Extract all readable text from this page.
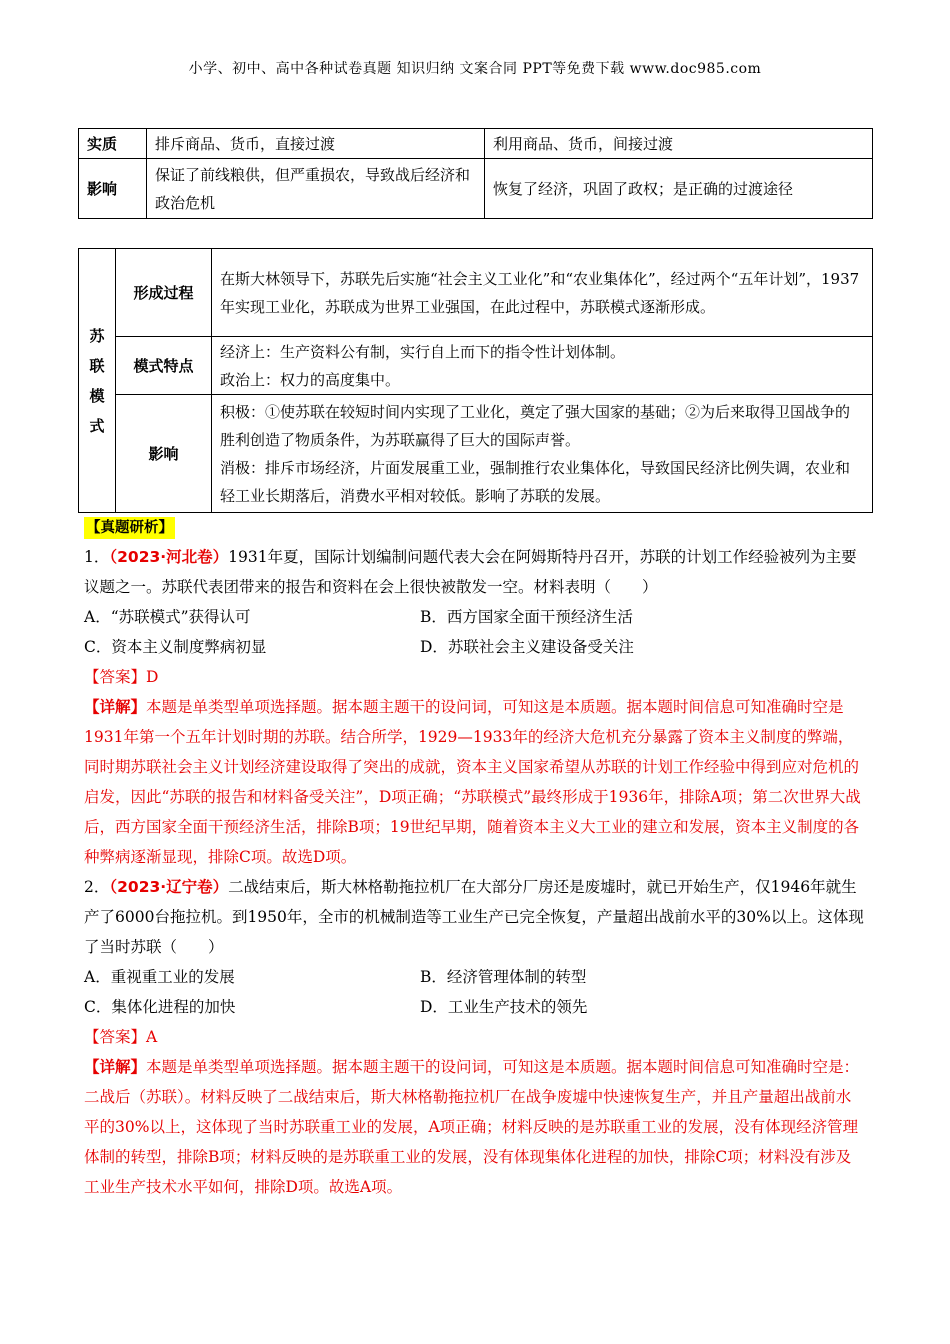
小学、初中、高中各种试卷真题 知识归纳 文案合同 PPT等免费下载 www.doc985.com
实质	排斥商品、货币，直接过渡	利用商品、货币，间接过渡
影响	保证了前线粮供，但严重损农，导致战后经济和政治危机	恢复了经济，巩固了政权；是正确的过渡途径
苏
联
模
式	形成过程	在斯大林领导下，苏联先后实施“社会主义工业化”和“农业集体化”，经过两个“五年计划”，1937年实现工业化，苏联成为世界工业强国，在此过程中，苏联模式逐渐形成。

	模式特点	经济上：生产资料公有制，实行自上而下的指令性计划体制。
政治上：权力的高度集中。

	影响	积极：①使苏联在较短时间内实现了工业化，奠定了强大国家的基础；②为后来取得卫国战争的胜利创造了物质条件，为苏联赢得了巨大的国际声誉。
消极：排斥市场经济，片面发展重工业，强制推行农业集体化，导致国民经济比例失调，农业和轻工业长期落后，消费水平相对较低。影响了苏联的发展。
【真题研析】
1．（2023·河北卷）1931年夏，国际计划编制问题代表大会在阿姆斯特丹召开，苏联的计划工作经验被列为主要议题之一。苏联代表团带来的报告和资料在会上很快被散发一空。材料表明（　　）
A．“苏联模式”获得认可	B．西方国家全面干预经济生活
C．资本主义制度弊病初显	D．苏联社会主义建设备受关注
【答案】D
【详解】本题是单类型单项选择题。据本题主题干的设问词，可知这是本质题。据本题时间信息可知准确时空是1931年第一个五年计划时期的苏联。结合所学，1929—1933年的经济大危机充分暴露了资本主义制度的弊端，同时期苏联社会主义计划经济建设取得了突出的成就，资本主义国家希望从苏联的计划工作经验中得到应对危机的启发，因此“苏联的报告和材料备受关注”，D项正确；“苏联模式”最终形成于1936年，排除A项；第二次世界大战后，西方国家全面干预经济生活，排除B项；19世纪早期，随着资本主义大工业的建立和发展，资本主义制度的各种弊病逐渐显现，排除C项。故选D项。
2．（2023·辽宁卷）二战结束后，斯大林格勒拖拉机厂在大部分厂房还是废墟时，就已开始生产，仅1946年就生产了6000台拖拉机。到1950年，全市的机械制造等工业生产已完全恢复，产量超出战前水平的30%以上。这体现了当时苏联（　　）
A．重视重工业的发展	B．经济管理体制的转型
C．集体化进程的加快	D．工业生产技术的领先
【答案】A
【详解】本题是单类型单项选择题。据本题主题干的设问词，可知这是本质题。据本题时间信息可知准确时空是：二战后（苏联）。材料反映了二战结束后，斯大林格勒拖拉机厂在战争废墟中快速恢复生产，并且产量超出战前水平的30%以上，这体现了当时苏联重工业的发展，A项正确；材料反映的是苏联重工业的发展，没有体现经济管理体制的转型，排除B项；材料反映的是苏联重工业的发展，没有体现集体化进程的加快，排除C项；材料没有涉及工业生产技术水平如何，排除D项。故选A项。
